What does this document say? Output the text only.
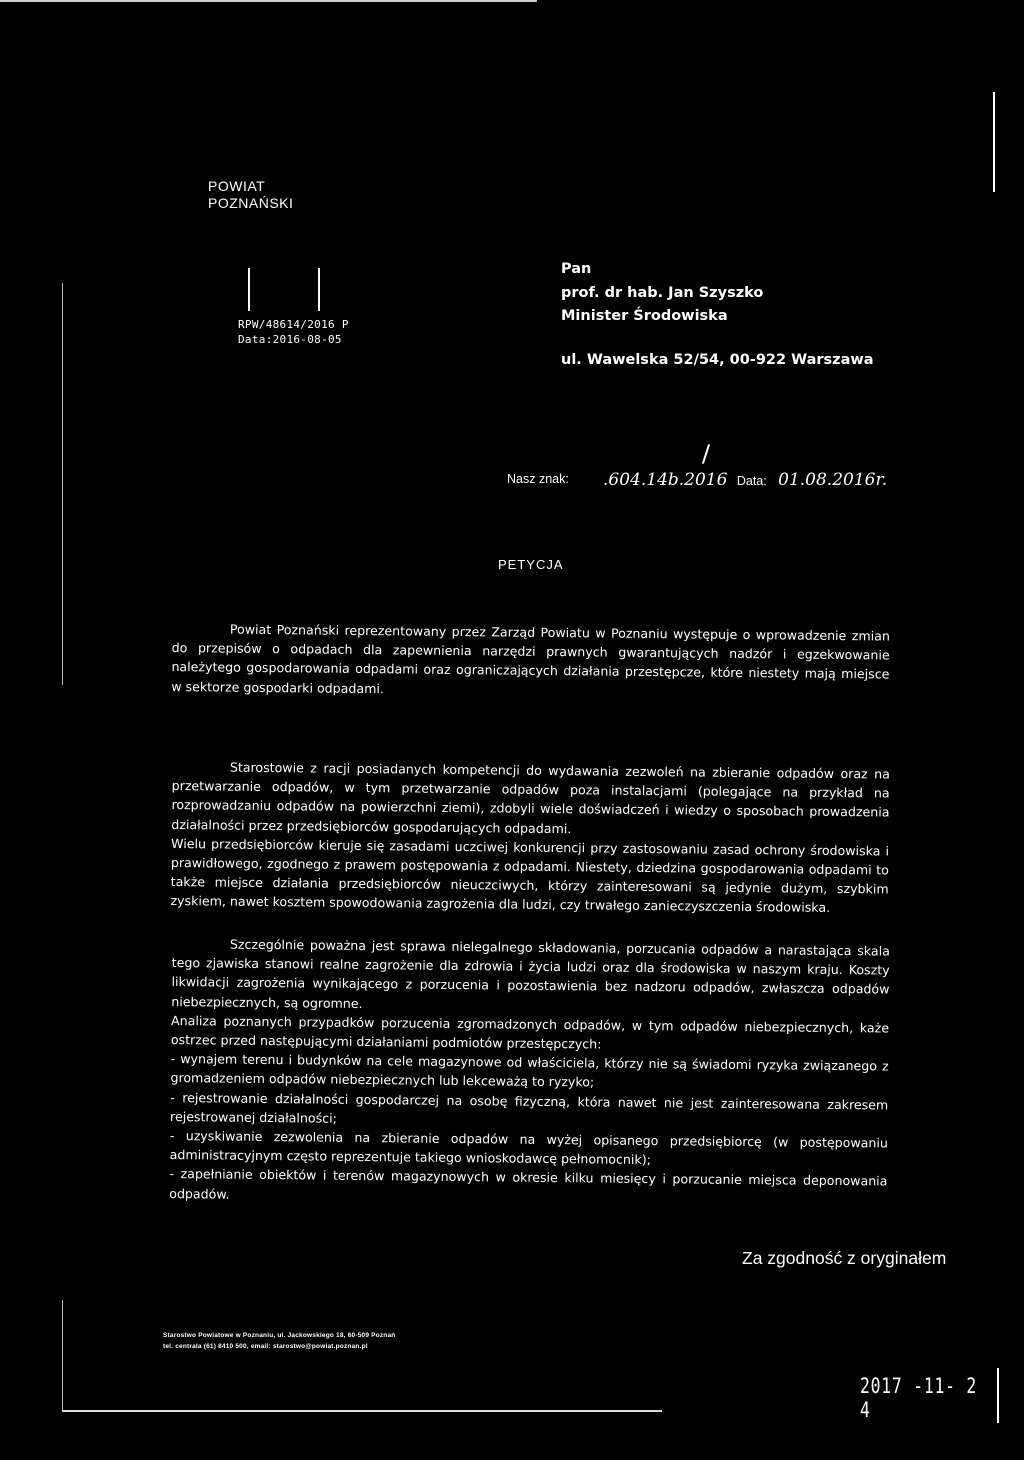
POWIAT
POZNAŃSKI
RPW/48614/2016 P
Data:2016-08-05
Pan
prof. dr hab. Jan Szyszko
Minister Środowiska
ul. Wawelska 52/54, 00-922 Warszawa
Nasz znak: .604.14b.2016 Data: 01.08.2016r.
PETYCJA

Powiat Poznański reprezentowany przez Zarząd Powiatu w Poznaniu występuje o wprowadzenie zmian do przepisów o odpadach dla zapewnienia narzędzi prawnych gwarantujących nadzór i egzekwowanie należytego gospodarowania odpadami oraz ograniczających działania przestępcze, które niestety mają miejsce w sektorze gospodarki odpadami.

Starostowie z racji posiadanych kompetencji do wydawania zezwoleń na zbieranie odpadów oraz na przetwarzanie odpadów, w tym przetwarzanie odpadów poza instalacjami (polegające na przykład na rozprowadzaniu odpadów na powierzchni ziemi), zdobyli wiele doświadczeń i wiedzy o sposobach prowadzenia działalności przez przedsiębiorców gospodarujących odpadami.

Wielu przedsiębiorców kieruje się zasadami uczciwej konkurencji przy zastosowaniu zasad ochrony środowiska i prawidłowego, zgodnego z prawem postępowania z odpadami. Niestety, dziedzina gospodarowania odpadami to także miejsce działania przedsiębiorców nieuczciwych, którzy zainteresowani są jedynie dużym, szybkim zyskiem, nawet kosztem spowodowania zagrożenia dla ludzi, czy trwałego zanieczyszczenia środowiska.

Szczególnie poważna jest sprawa nielegalnego składowania, porzucania odpadów a narastająca skala tego zjawiska stanowi realne zagrożenie dla zdrowia i życia ludzi oraz dla środowiska w naszym kraju. Koszty likwidacji zagrożenia wynikającego z porzucenia i pozostawienia bez nadzoru odpadów, zwłaszcza odpadów niebezpiecznych, są ogromne.

Analiza poznanych przypadków porzucenia zgromadzonych odpadów, w tym odpadów niebezpiecznych, każe ostrzec przed następującymi działaniami podmiotów przestępczych:

- wynajem terenu i budynków na cele magazynowe od właściciela, którzy nie są świadomi ryzyka związanego z gromadzeniem odpadów niebezpiecznych lub lekceważą to ryzyko;

- rejestrowanie działalności gospodarczej na osobę fizyczną, która nawet nie jest zainteresowana zakresem rejestrowanej działalności;

- uzyskiwanie zezwolenia na zbieranie odpadów na wyżej opisanego przedsiębiorcę (w postępowaniu administracyjnym często reprezentuje takiego wnioskodawcę pełnomocnik);

- zapełnianie obiektów i terenów magazynowych w okresie kilku miesięcy i porzucanie miejsca deponowania odpadów.

Za zgodność z oryginałem
Starostwo Powiatowe w Poznaniu, ul. Jackowskiego 18, 60-509 Poznań
tel. centrala (61) 8410 500, email: starostwo@powiat.poznan.pl
2017 -11- 2 4
